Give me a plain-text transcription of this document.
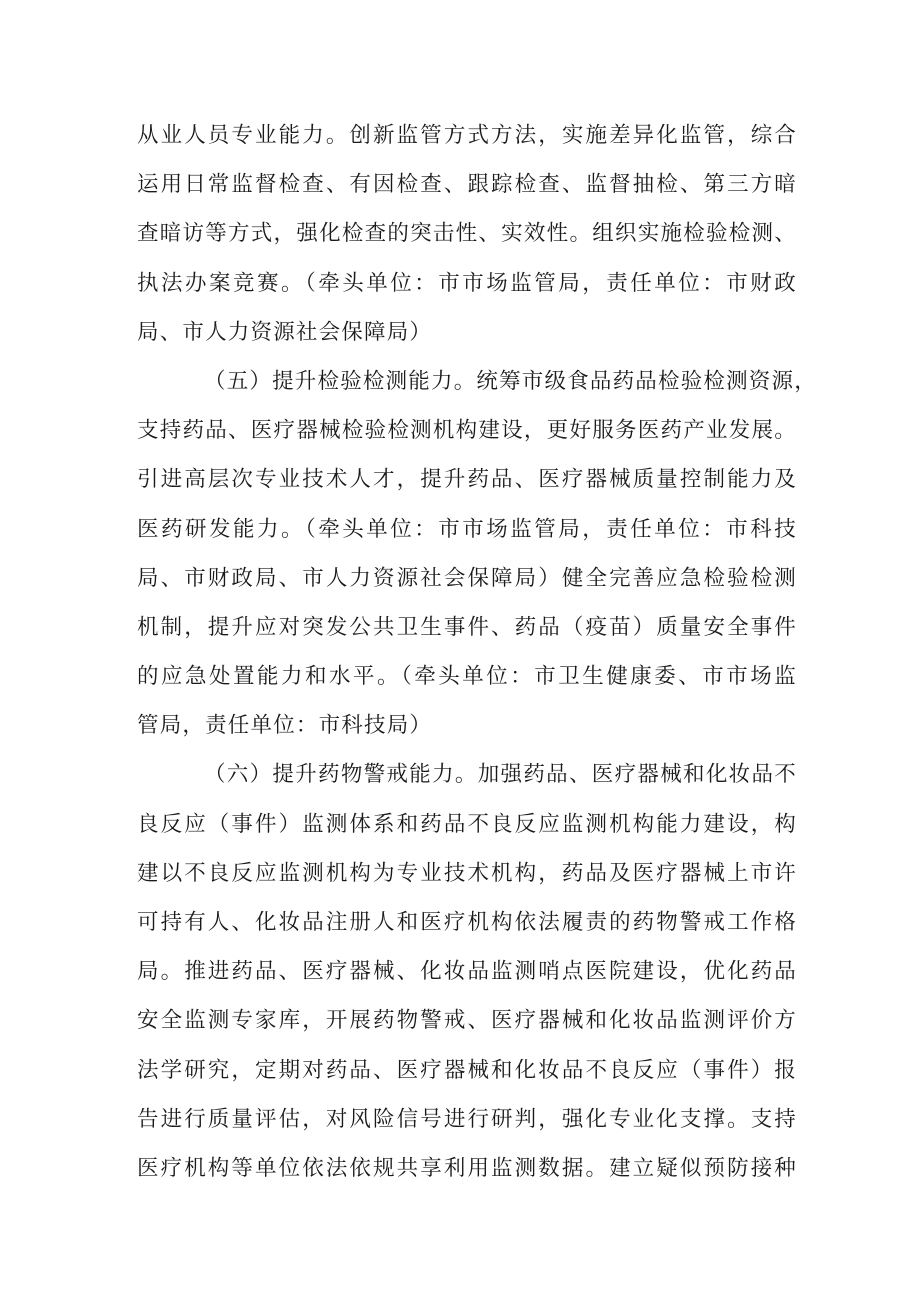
从业人员专业能力。创新监管方式方法，实施差异化监管，综合
运用日常监督检查、有因检查、跟踪检查、监督抽检、第三方暗
查暗访等方式，强化检查的突击性、实效性。组织实施检验检测、
执法办案竞赛。（牵头单位：市市场监管局，责任单位：市财政
局、市人力资源社会保障局）
（五）提升检验检测能力。统筹市级食品药品检验检测资源，
支持药品、医疗器械检验检测机构建设，更好服务医药产业发展。
引进高层次专业技术人才，提升药品、医疗器械质量控制能力及
医药研发能力。（牵头单位：市市场监管局，责任单位：市科技
局、市财政局、市人力资源社会保障局）健全完善应急检验检测
机制，提升应对突发公共卫生事件、药品（疫苗）质量安全事件
的应急处置能力和水平。（牵头单位：市卫生健康委、市市场监
管局，责任单位：市科技局）
（六）提升药物警戒能力。加强药品、医疗器械和化妆品不
良反应（事件）监测体系和药品不良反应监测机构能力建设，构
建以不良反应监测机构为专业技术机构，药品及医疗器械上市许
可持有人、化妆品注册人和医疗机构依法履责的药物警戒工作格
局。推进药品、医疗器械、化妆品监测哨点医院建设，优化药品
安全监测专家库，开展药物警戒、医疗器械和化妆品监测评价方
法学研究，定期对药品、医疗器械和化妆品不良反应（事件）报
告进行质量评估，对风险信号进行研判，强化专业化支撑。支持
医疗机构等单位依法依规共享利用监测数据。建立疑似预防接种
